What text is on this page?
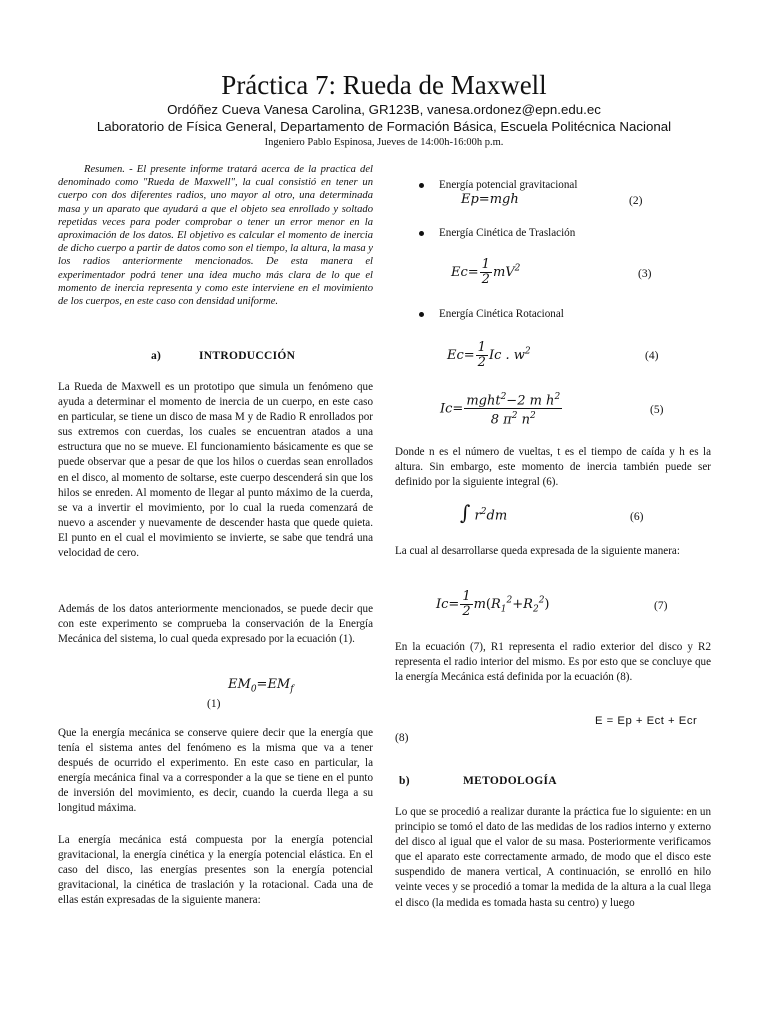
Práctica 7: Rueda de Maxwell
Ordóñez Cueva Vanesa Carolina, GR123B, vanesa.ordonez@epn.edu.ec
Laboratorio de Física General, Departamento de Formación Básica, Escuela Politécnica Nacional
Ingeniero Pablo Espinosa, Jueves de 14:00h-16:00h p.m.

Resumen. - El presente informe tratará acerca de la practica del denominado como "Rueda de Maxwell", la cual consistió en tener un cuerpo con dos diferentes radios, uno mayor al otro, una determinada masa y un aparato que ayudará a que el objeto sea enrollado y soltado repetidas veces para poder comprobar o tener un error menor en la aproximación de los datos. El objetivo es calcular el momento de inercia de dicho cuerpo a partir de datos como son el tiempo, la altura, la masa y los radios anteriormente mencionados. De esta manera el experimentador podrá tener una idea mucho más clara de lo que el momento de inercia representa y como este interviene en el movimiento de los cuerpos, en este caso con densidad uniforme.

a)	INTRODUCCIÓN

La Rueda de Maxwell es un prototipo que simula un fenómeno que ayuda a determinar el momento de inercia de un cuerpo, en este caso en particular, se tiene un disco de masa M y de Radio R enrollados por sus extremos con cuerdas, los cuales se encuentran atados a una estructura que no se mueve. El funcionamiento básicamente es que se puede observar que a pesar de que los hilos o cuerdas sean enrollados en el disco, al momento de soltarse, este cuerpo descenderá sin que los hilos se enreden. Al momento de llegar al punto máximo de la cuerda, se va a invertir el movimiento, por lo cual la rueda comenzará de nuevo a ascender y nuevamente de descender hasta que quede quieta. El punto en el cual el movimiento se invierte, se sabe que tendrá una velocidad de cero.

Además de los datos anteriormente mencionados, se puede decir que con este experimento se comprueba la conservación de la Energía Mecánica del sistema, lo cual queda expresado por la ecuación (1).

$EM_0=EM_f$
(1)

Que la energía mecánica se conserve quiere decir que la energía que tenía el sistema antes del fenómeno es la misma que va a tener después de ocurrido el experimento. En este caso en particular, la energía mecánica final va a corresponder a la que se tiene en el punto de inversión del movimiento, es decir, cuando la cuerda llega a su longitud máxima.

La energía mecánica está compuesta por la energía potencial gravitacional, la energía cinética y la energía potencial elástica. En el caso del disco, las energías presentes son la energía potencial gravitacional, la cinética de traslación y la rotacional. Cada una de ellas están expresadas de la siguiente manera:

Energía potencial gravitacional
Ep=mgh	(2)
Energía Cinética de Traslación
$Ec= \frac{1}{2} mV^2$	(3)
Energía Cinética Rotacional
$Ec= \frac{1}{2}$ Ic . $w^2$	(4)
$Ic= \frac{mght^2-2 m h^2}{8 \pi^2 n^2}$	(5)

Donde n es el número de vueltas, t es el tiempo de caída y h es la altura. Sin embargo, este momento de inercia también puede ser definido por la siguiente integral (6).

∫ $r^2dm$	(6)

La cual al desarrollarse queda expresada de la siguiente manera:

$Ic= \frac{1}{2} m(R_1^2+R_2^2)$	(7)

En la ecuación (7), R1 representa el radio exterior del disco y R2 representa el radio interior del mismo. Es por esto que se concluye que la energía Mecánica está definida por la ecuación (8).

E = Ep + Ect + Ecr
(8)
b)	METODOLOGÍA

Lo que se procedió a realizar durante la práctica fue lo siguiente: en un principio se tomó el dato de las medidas de los radios interno y externo del disco al igual que el valor de su masa. Posteriormente verificamos que el aparato este correctamente armado, de modo que el disco este suspendido de manera vertical, A continuación, se enrolló en hilo veinte veces y se procedió a tomar la medida de la altura a la cual llega el disco (la medida es tomada hasta su centro) y luego
